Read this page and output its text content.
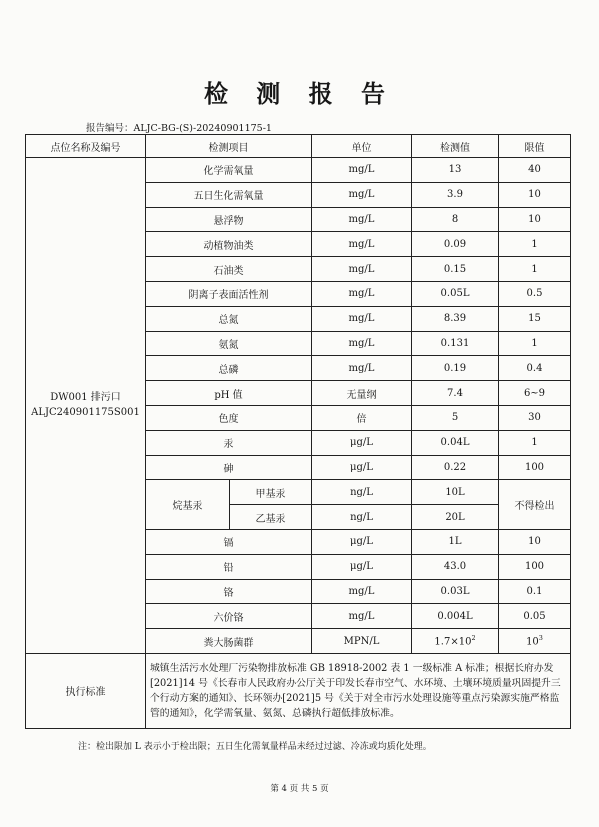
检 测 报 告
报告编号：ALJC-BG-(S)-20240901175-1
点位名称及编号	检测项目		单位	检测值	限值

DW001 排污口
ALJC240901175S001	化学需氧量		mg/L	13	40
	五日生化需氧量		mg/L	3.9	10
	悬浮物		mg/L	8	10
	动植物油类		mg/L	0.09	1
	石油类		mg/L	0.15	1
	阴离子表面活性剂		mg/L	0.05L	0.5
	总氮		mg/L	8.39	15
	氨氮		mg/L	0.131	1
	总磷		mg/L	0.19	0.4
	pH 值		无量纲	7.4	6~9
	色度		倍	5	30
	汞		μg/L	0.04L	1
	砷		μg/L	0.22	100
	烷基汞	甲基汞	ng/L	10L	不得检出
		乙基汞	ng/L	20L	
	镉		μg/L	1L	10
	铅		μg/L	43.0	100
	铬		mg/L	0.03L	0.1
	六价铬		mg/L	0.004L	0.05
	粪大肠菌群		MPN/L	$1.7\times 10^2$	$10^3$
执行标准	城镇生活污水处理厂污染物排放标准 GB 18918-2002 表 1 一级标准 A 标准；根据长府办发[2021]14 号《长春市人民政府办公厅关于印发长春市空气、水环境、土壤环境质量巩固提升三个行动方案的通知》、长环领办[2021]5 号《关于对全市污水处理设施等重点污染源实施严格监管的通知》，化学需氧量、氨氮、总磷执行超低排放标准。				
注：检出限加 L 表示小于检出限；五日生化需氧量样品未经过过滤、冷冻或均质化处理。
第 4 页 共 5 页
